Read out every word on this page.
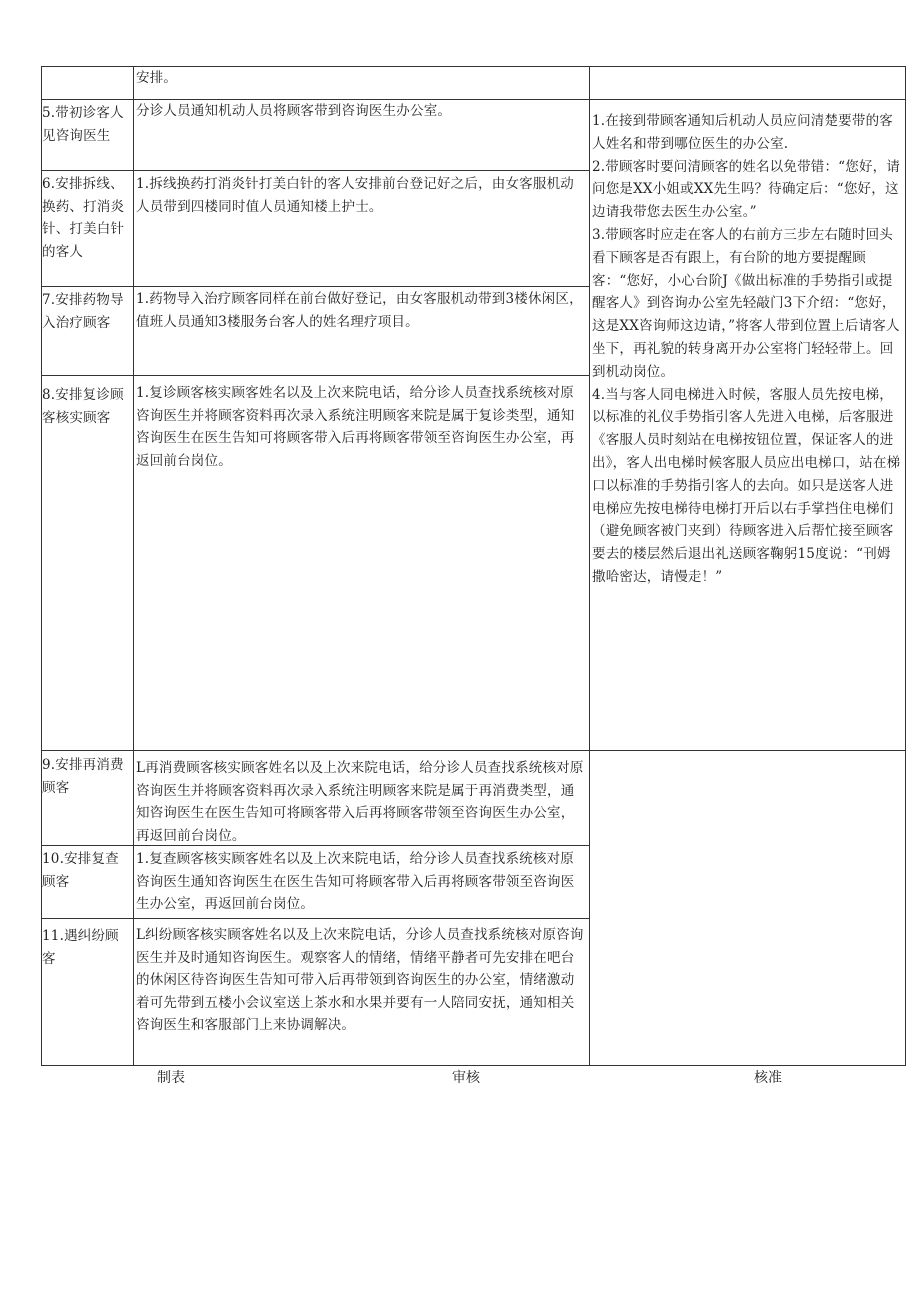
安排。
5.带初诊客人见咨询医生
6.安排拆线、换药、打消炎针、打美白针的客人
7.安排药物导入治疗顾客
8.安排复诊顾客核实顾客
9.安排再消费顾客
10.安排复查顾客
11.遇纠纷顾客
分诊人员通知机动人员将顾客带到咨询医生办公室。
1.拆线换药打消炎针打美白针的客人安排前台登记好之后，由女客服机动人员带到四楼同时值人员通知楼上护士。
1.药物导入治疗顾客同样在前台做好登记，由女客服机动带到3楼休闲区，值班人员通知3楼服务台客人的姓名理疗项目。
1.复诊顾客核实顾客姓名以及上次来院电话，给分诊人员查找系统核对原咨询医生并将顾客资料再次录入系统注明顾客来院是属于复诊类型，通知咨询医生在医生告知可将顾客带入后再将顾客带领至咨询医生办公室，再返回前台岗位。
L再消费顾客核实顾客姓名以及上次来院电话，给分诊人员查找系统核对原咨询医生并将顾客资料再次录入系统注明顾客来院是属于再消费类型，通知咨询医生在医生告知可将顾客带入后再将顾客带领至咨询医生办公室，再返回前台岗位。
1.复查顾客核实顾客姓名以及上次来院电话，给分诊人员查找系统核对原咨询医生通知咨询医生在医生告知可将顾客带入后再将顾客带领至咨询医生办公室，再返回前台岗位。
L纠纷顾客核实顾客姓名以及上次来院电话，分诊人员查找系统核对原咨询医生并及时通知咨询医生。观察客人的情绪，情绪平静者可先安排在吧台的休闲区待咨询医生告知可带入后再带领到咨询医生的办公室，情绪激动着可先带到五楼小会议室送上茶水和水果并要有一人陪同安抚，通知相关咨询医生和客服部门上来协调解决。
1.在接到带顾客通知后机动人员应问清楚要带的客人姓名和带到哪位医生的办公室.
2.带顾客时要问清顾客的姓名以免带错：“您好，请问您是XX小姐或XX先生吗？待确定后：“您好，这边请我带您去医生办公室。”
3.带顾客时应走在客人的右前方三步左右随时回头看下顾客是否有跟上，有台阶的地方要提醒顾客：“您好，小心台阶J《做出标准的手势指引或提醒客人》到咨询办公室先轻敲门3下介绍：“您好，这是XX咨询师这边请，”将客人带到位置上后请客人坐下，再礼貌的转身离开办公室将门轻轻带上。回到机动岗位。
4.当与客人同电梯进入时候，客服人员先按电梯，以标准的礼仪手势指引客人先进入电梯，后客服进《客服人员时刻站在电梯按钮位置，保证客人的进出》，客人出电梯时候客服人员应出电梯口，站在梯口以标准的手势指引客人的去向。如只是送客人进电梯应先按电梯待电梯打开后以右手掌挡住电梯们（避免顾客被门夹到）待顾客进入后帮忙接至顾客要去的楼层然后退出礼送顾客鞠躬15度说：“刊姆撒哈密达，请慢走！”
制表	审核	核准
